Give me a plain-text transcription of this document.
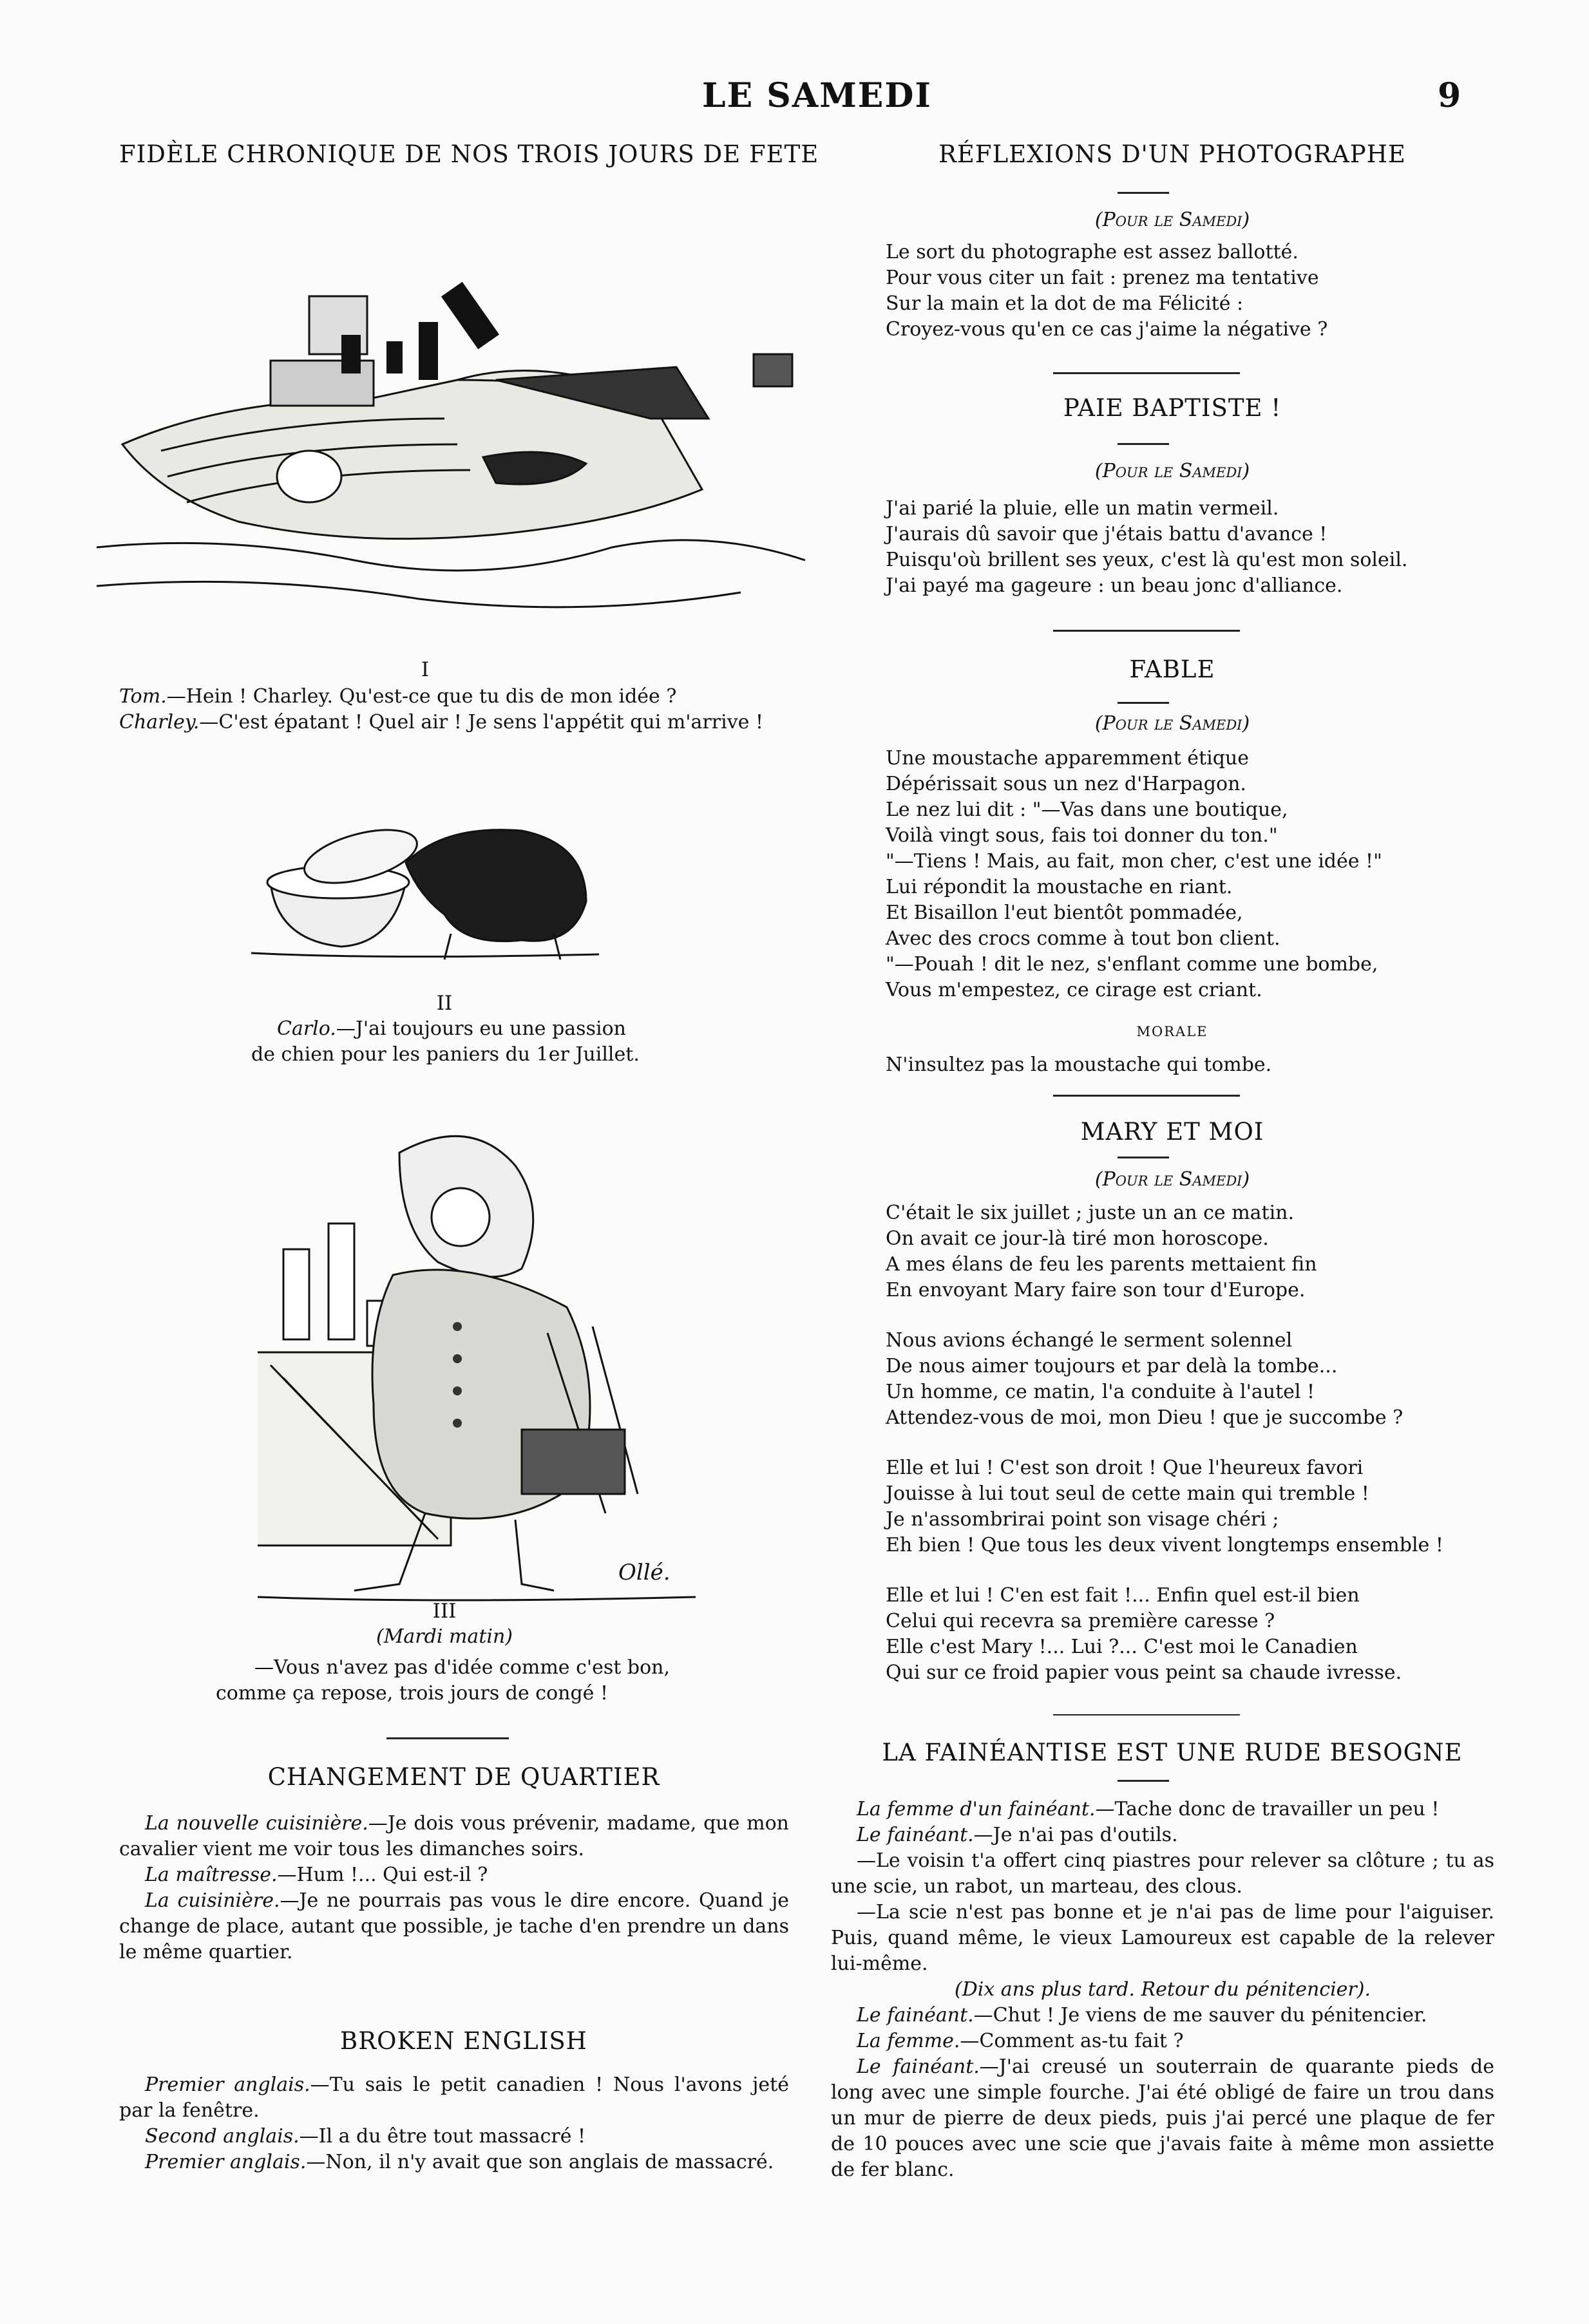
LE SAMEDI	9
FIDÈLE CHRONIQUE DE NOS TROIS JOURS DE FETE
I
Tom.—Hein ! Charley. Qu'est-ce que tu dis de mon idée ?
Charley.—C'est épatant ! Quel air ! Je sens l'appétit qui m'arrive !
II
Carlo.—J'ai toujours eu une passion
de chien pour les paniers du 1er Juillet.
Ollé.
III
(Mardi matin)
—Vous n'avez pas d'idée comme c'est bon,
comme ça repose, trois jours de congé !
CHANGEMENT DE QUARTIER

La nouvelle cuisinière.—Je dois vous prévenir, madame, que mon cavalier vient me voir tous les dimanches soirs.

La maîtresse.—Hum !... Qui est-il ?

La cuisinière.—Je ne pourrais pas vous le dire encore. Quand je change de place, autant que possible, je tache d'en prendre un dans le même quartier.

BROKEN ENGLISH

Premier anglais.—Tu sais le petit canadien ! Nous l'avons jeté par la fenêtre.

Second anglais.—Il a du être tout massacré !

Premier anglais.—Non, il n'y avait que son anglais de massacré.

RÉFLEXIONS D'UN PHOTOGRAPHE
(Pour le Samedi)
Le sort du photographe est assez ballotté.
Pour vous citer un fait : prenez ma tentative
Sur la main et la dot de ma Félicité :
Croyez-vous qu'en ce cas j'aime la négative ?
PAIE BAPTISTE !
(Pour le Samedi)
J'ai parié la pluie, elle un matin vermeil.
J'aurais dû savoir que j'étais battu d'avance !
Puisqu'où brillent ses yeux, c'est là qu'est mon soleil.
J'ai payé ma gageure : un beau jonc d'alliance.
FABLE
(Pour le Samedi)
Une moustache apparemment étique
Dépérissait sous un nez d'Harpagon.
Le nez lui dit : "—Vas dans une boutique,
Voilà vingt sous, fais toi donner du ton."
"—Tiens ! Mais, au fait, mon cher, c'est une idée !"
Lui répondit la moustache en riant.
Et Bisaillon l'eut bientôt pommadée,
Avec des crocs comme à tout bon client.
"—Pouah ! dit le nez, s'enflant comme une bombe,
Vous m'empestez, ce cirage est criant.
MORALE
N'insultez pas la moustache qui tombe.
MARY ET MOI
(Pour le Samedi)
C'était le six juillet ; juste un an ce matin.
On avait ce jour-là tiré mon horoscope.
A mes élans de feu les parents mettaient fin
En envoyant Mary faire son tour d'Europe.
Nous avions échangé le serment solennel
De nous aimer toujours et par delà la tombe...
Un homme, ce matin, l'a conduite à l'autel !
Attendez-vous de moi, mon Dieu ! que je succombe ?
Elle et lui ! C'est son droit ! Que l'heureux favori
Jouisse à lui tout seul de cette main qui tremble !
Je n'assombrirai point son visage chéri ;
Eh bien ! Que tous les deux vivent longtemps ensemble !
Elle et lui ! C'en est fait !... Enfin quel est-il bien
Celui qui recevra sa première caresse ?
Elle c'est Mary !... Lui ?... C'est moi le Canadien
Qui sur ce froid papier vous peint sa chaude ivresse.
LA FAINÉANTISE EST UNE RUDE BESOGNE

La femme d'un fainéant.—Tache donc de travailler un peu !

Le fainéant.—Je n'ai pas d'outils.

—Le voisin t'a offert cinq piastres pour relever sa clôture ; tu as une scie, un rabot, un marteau, des clous.

—La scie n'est pas bonne et je n'ai pas de lime pour l'aiguiser. Puis, quand même, le vieux Lamoureux est capable de la relever lui-même.

(Dix ans plus tard. Retour du pénitencier).

Le fainéant.—Chut ! Je viens de me sauver du pénitencier.

La femme.—Comment as-tu fait ?

Le fainéant.—J'ai creusé un souterrain de quarante pieds de long avec une simple fourche. J'ai été obligé de faire un trou dans un mur de pierre de deux pieds, puis j'ai percé une plaque de fer de 10 pouces avec une scie que j'avais faite à même mon assiette de fer blanc.
